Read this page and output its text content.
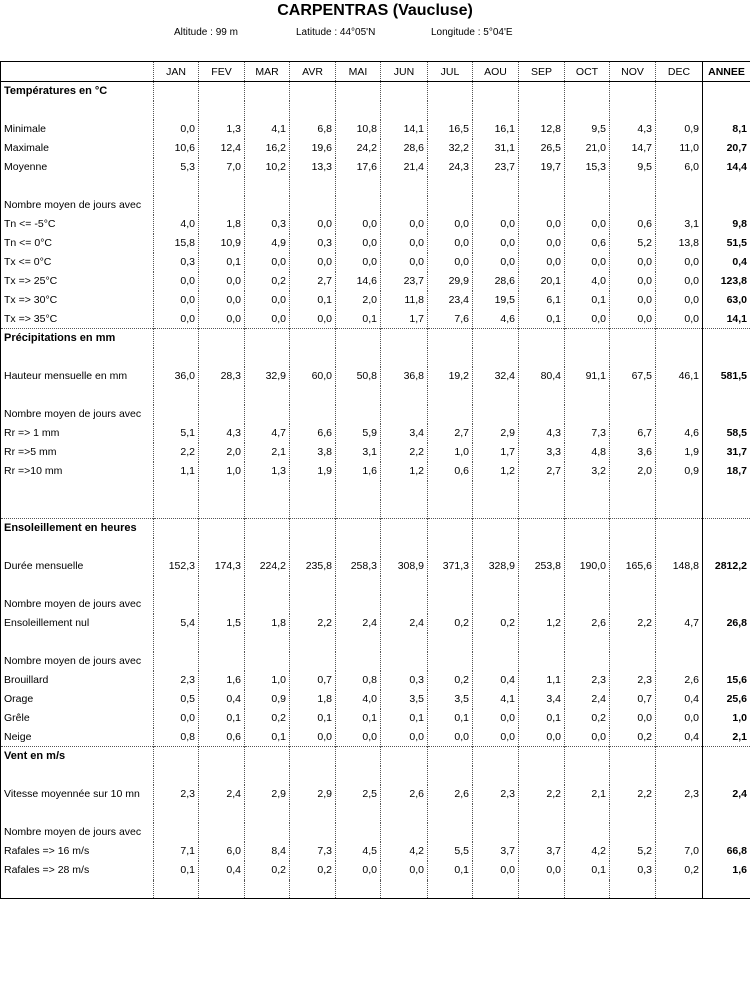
CARPENTRAS (Vaucluse)
Altitude : 99 m	Latitude : 44°05'N	Longitude : 5°04'E
	JAN	FEV	MAR	AVR	MAI	JUN	JUL	AOU	SEP	OCT	NOV	DEC	ANNEE
Températures en °C													

Minimale	0,0	1,3	4,1	6,8	10,8	14,1	16,5	16,1	12,8	9,5	4,3	0,9	8,1
Maximale	10,6	12,4	16,2	19,6	24,2	28,6	32,2	31,1	26,5	21,0	14,7	11,0	20,7
Moyenne	5,3	7,0	10,2	13,3	17,6	21,4	24,3	23,7	19,7	15,3	9,5	6,0	14,4

Nombre moyen de jours avec													
Tn <= -5°C	4,0	1,8	0,3	0,0	0,0	0,0	0,0	0,0	0,0	0,0	0,6	3,1	9,8
Tn <= 0°C	15,8	10,9	4,9	0,3	0,0	0,0	0,0	0,0	0,0	0,6	5,2	13,8	51,5
Tx <= 0°C	0,3	0,1	0,0	0,0	0,0	0,0	0,0	0,0	0,0	0,0	0,0	0,0	0,4
Tx => 25°C	0,0	0,0	0,2	2,7	14,6	23,7	29,9	28,6	20,1	4,0	0,0	0,0	123,8
Tx => 30°C	0,0	0,0	0,0	0,1	2,0	11,8	23,4	19,5	6,1	0,1	0,0	0,0	63,0
Tx => 35°C	0,0	0,0	0,0	0,0	0,1	1,7	7,6	4,6	0,1	0,0	0,0	0,0	14,1
Précipitations en mm													

Hauteur mensuelle en mm	36,0	28,3	32,9	60,0	50,8	36,8	19,2	32,4	80,4	91,1	67,5	46,1	581,5

Nombre moyen de jours avec													
Rr => 1 mm	5,1	4,3	4,7	6,6	5,9	3,4	2,7	2,9	4,3	7,3	6,7	4,6	58,5
Rr =>5 mm	2,2	2,0	2,1	3,8	3,1	2,2	1,0	1,7	3,3	4,8	3,6	1,9	31,7
Rr =>10 mm	1,1	1,0	1,3	1,9	1,6	1,2	0,6	1,2	2,7	3,2	2,0	0,9	18,7

Ensoleillement en heures													

Durée mensuelle	152,3	174,3	224,2	235,8	258,3	308,9	371,3	328,9	253,8	190,0	165,6	148,8	2812,2

Nombre moyen de jours avec													
Ensoleillement nul	5,4	1,5	1,8	2,2	2,4	2,4	0,2	0,2	1,2	2,6	2,2	4,7	26,8

Nombre moyen de jours avec													
Brouillard	2,3	1,6	1,0	0,7	0,8	0,3	0,2	0,4	1,1	2,3	2,3	2,6	15,6
Orage	0,5	0,4	0,9	1,8	4,0	3,5	3,5	4,1	3,4	2,4	0,7	0,4	25,6
Grêle	0,0	0,1	0,2	0,1	0,1	0,1	0,1	0,0	0,1	0,2	0,0	0,0	1,0
Neige	0,8	0,6	0,1	0,0	0,0	0,0	0,0	0,0	0,0	0,0	0,2	0,4	2,1
Vent en m/s													

Vitesse moyennée sur 10 mn	2,3	2,4	2,9	2,9	2,5	2,6	2,6	2,3	2,2	2,1	2,2	2,3	2,4

Nombre moyen de jours avec													
Rafales => 16 m/s	7,1	6,0	8,4	7,3	4,5	4,2	5,5	3,7	3,7	4,2	5,2	7,0	66,8
Rafales => 28 m/s	0,1	0,4	0,2	0,2	0,0	0,0	0,1	0,0	0,0	0,1	0,3	0,2	1,6
